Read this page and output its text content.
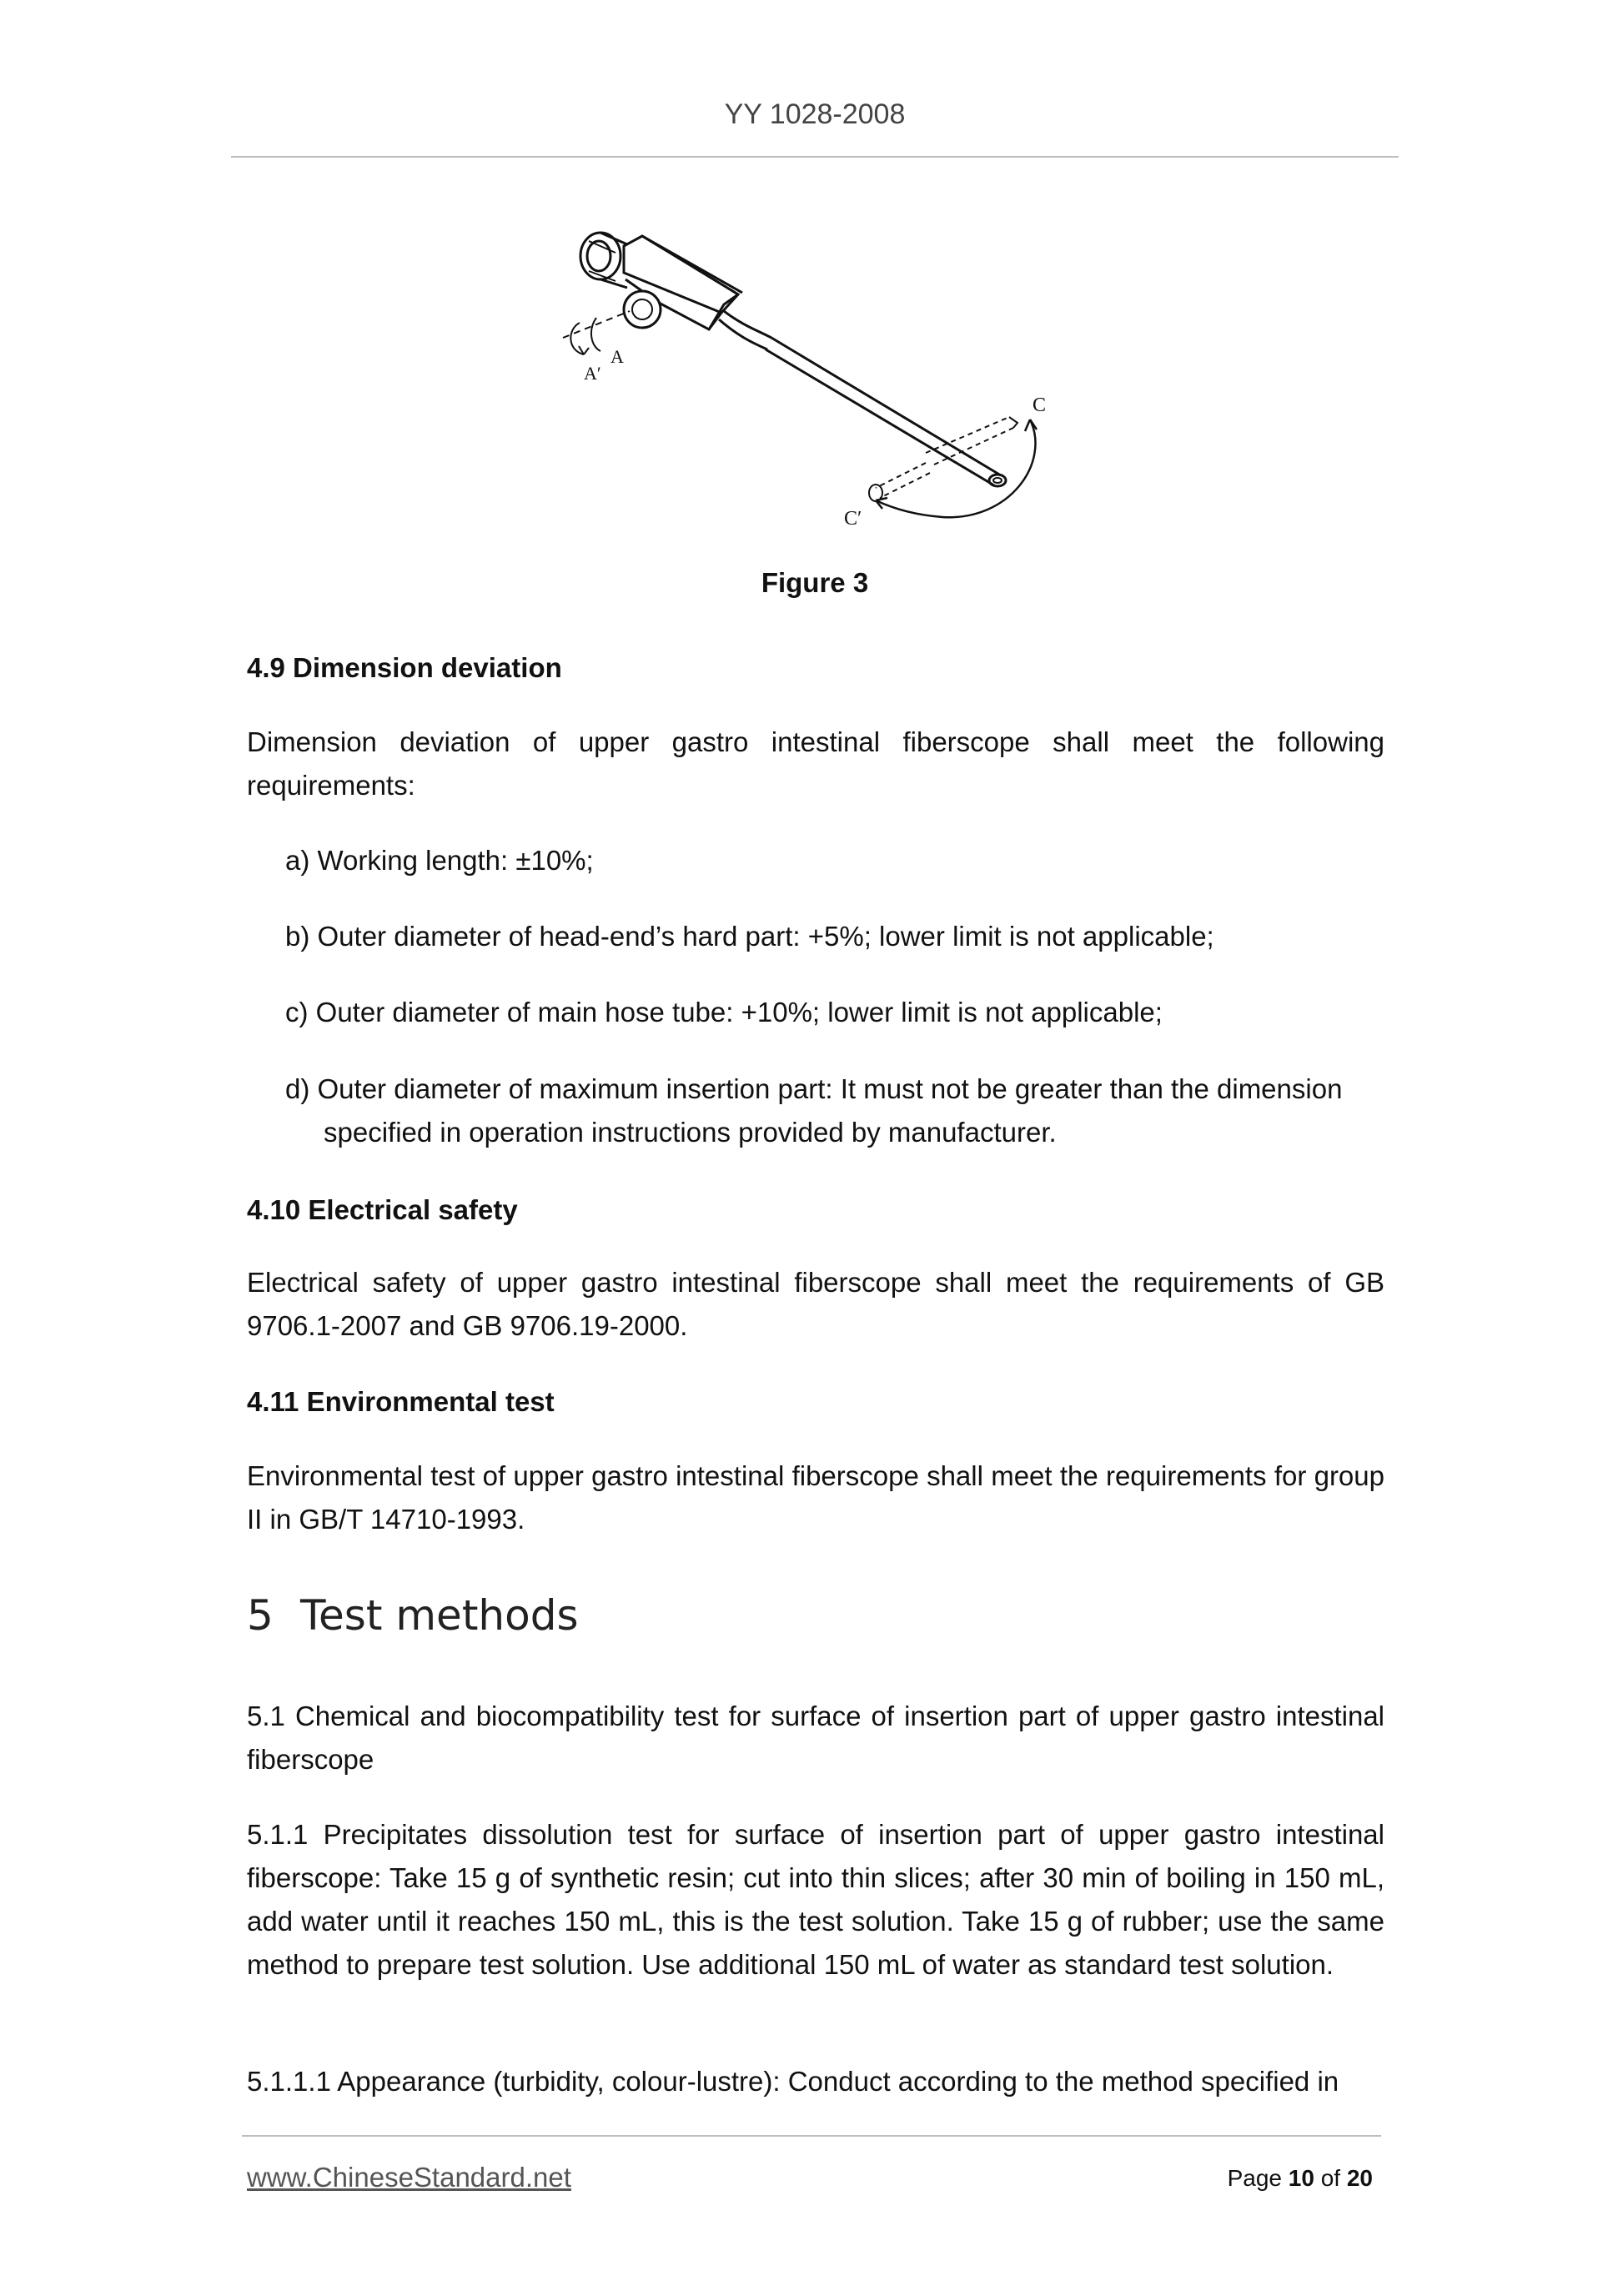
YY 1028-2008
A′
A
C
C′
Figure 3
4.9 Dimension deviation
Dimension deviation of upper gastro intestinal fiberscope shall meet the following requirements:
a) Working length: ±10%;
b) Outer diameter of head-end’s hard part: +5%; lower limit is not applicable;
c) Outer diameter of main hose tube: +10%; lower limit is not applicable;
d) Outer diameter of maximum insertion part: It must not be greater than the dimension specified in operation instructions provided by manufacturer.
4.10 Electrical safety
Electrical safety of upper gastro intestinal fiberscope shall meet the requirements of GB 9706.1-2007 and GB 9706.19-2000.
4.11 Environmental test
Environmental test of upper gastro intestinal fiberscope shall meet the requirements for group II in GB/T 14710-1993.
5 Test methods
5.1 Chemical and biocompatibility test for surface of insertion part of upper gastro intestinal fiberscope
5.1.1 Precipitates dissolution test for surface of insertion part of upper gastro intestinal fiberscope: Take 15 g of synthetic resin; cut into thin slices; after 30 min of boiling in 150 mL, add water until it reaches 150 mL, this is the test solution. Take 15 g of rubber; use the same method to prepare test solution. Use additional 150 mL of water as standard test solution.
5.1.1.1 Appearance (turbidity, colour-lustre): Conduct according to the method specified in
www.ChineseStandard.net	Page 10 of 20
